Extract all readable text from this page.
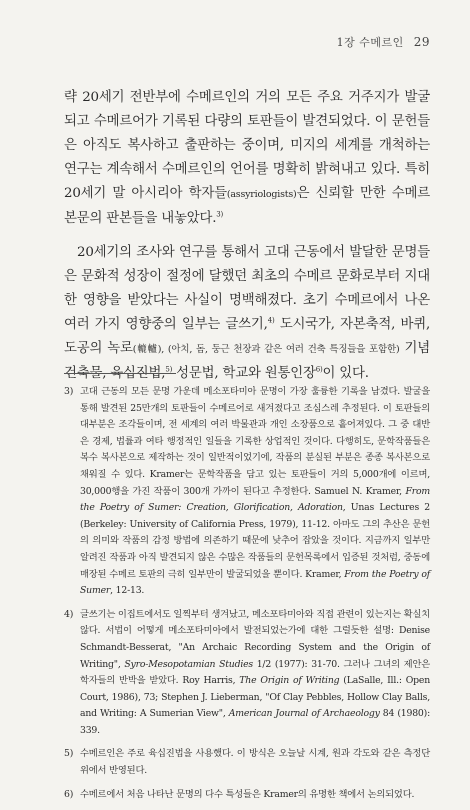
1장 수메르인 29

략 20세기 전반부에 수메르인의 거의 모든 주요 거주지가 발굴되고 수메르어가 기록된 다량의 토판들이 발견되었다. 이 문헌들은 아직도 복사하고 출판하는 중이며, 미지의 세계를 개척하는 연구는 계속해서 수메르인의 언어를 명확히 밝혀내고 있다. 특히 20세기 말 아시리아 학자들(assyriologists)은 신뢰할 만한 수메르 본문의 판본들을 내놓았다.$^{3)}$

20세기의 조사와 연구를 통해서 고대 근동에서 발달한 문명들은 문화적 성장이 절정에 달했던 최초의 수메르 문화로부터 지대한 영향을 받았다는 사실이 명백해졌다. 초기 수메르에서 나온 여러 가지 영향중의 일부는 글쓰기,$^{4)}$ 도시국가, 자본축적, 바퀴, 도공의 녹로(轆轤), (아치, 돔, 둥근 천장과 같은 여러 건축 특징들을 포함한) 기념 건축물, 육십진법,$^{5)}$ 성문법, 학교와 원통인장$^{6)}$이 있다.

3) 고대 근동의 모든 문명 가운데 메소포타미아 문명이 가장 훌륭한 기록을 남겼다. 발굴을 통해 발견된 25만개의 토판들이 수메르어로 새겨졌다고 조심스레 추정된다. 이 토판들의 대부분은 조각들이며, 전 세계의 여러 박물관과 개인 소장품으로 흩어져있다. 그 중 대반은 경제, 법률과 여타 행정적인 일들을 기록한 상업적인 것이다. 다행히도, 문학작품들은 복수 복사본으로 제작하는 것이 일반적이었기에, 작품의 분실된 부분은 종종 복사본으로 채워질 수 있다. Kramer는 문학작품을 담고 있는 토판들이 거의 5,000개에 이르며, 30,000행을 가진 작품이 300개 가까이 된다고 추정한다. Samuel N. Kramer, From the Poetry of Sumer: Creation, Glorification, Adoration, Unas Lectures 2 (Berkeley: University of California Press, 1979), 11-12. 아마도 그의 추산은 문헌의 의미와 작품의 감정 방법에 의존하기 때문에 낮추어 잡았을 것이다. 지금까지 일부만 알려진 작품과 아직 발견되지 않은 수많은 작품들의 문헌목록에서 입증된 것처럼, 중동에 매장된 수메르 토판의 극히 일부만이 발굴되었을 뿐이다. Kramer, From the Poetry of Sumer, 12-13.
4) 글쓰기는 이집트에서도 일찍부터 생겨났고, 메소포타미아와 직접 관련이 있는지는 확실치 않다. 서법이 어떻게 메소포타미아에서 발전되었는가에 대한 그럴듯한 설명: Denise Schmandt-Besserat, "An Archaic Recording System and the Origin of Writing", Syro-Mesopotamian Studies 1/2 (1977): 31-70. 그러나 그녀의 제안은 학자들의 반박을 받았다. Roy Harris, The Origin of Writing (LaSalle, Ill.: Open Court, 1986), 73; Stephen J. Lieberman, "Of Clay Pebbles, Hollow Clay Balls, and Writing: A Sumerian View", American Journal of Archaeology 84 (1980): 339.
5) 수메르인은 주로 육십진법을 사용했다. 이 방식은 오늘날 시계, 원과 각도와 같은 측정단위에서 반영된다.
6) 수메르에서 처음 나타난 문명의 다수 특성들은 Kramer의 유명한 책에서 논의되었다.
